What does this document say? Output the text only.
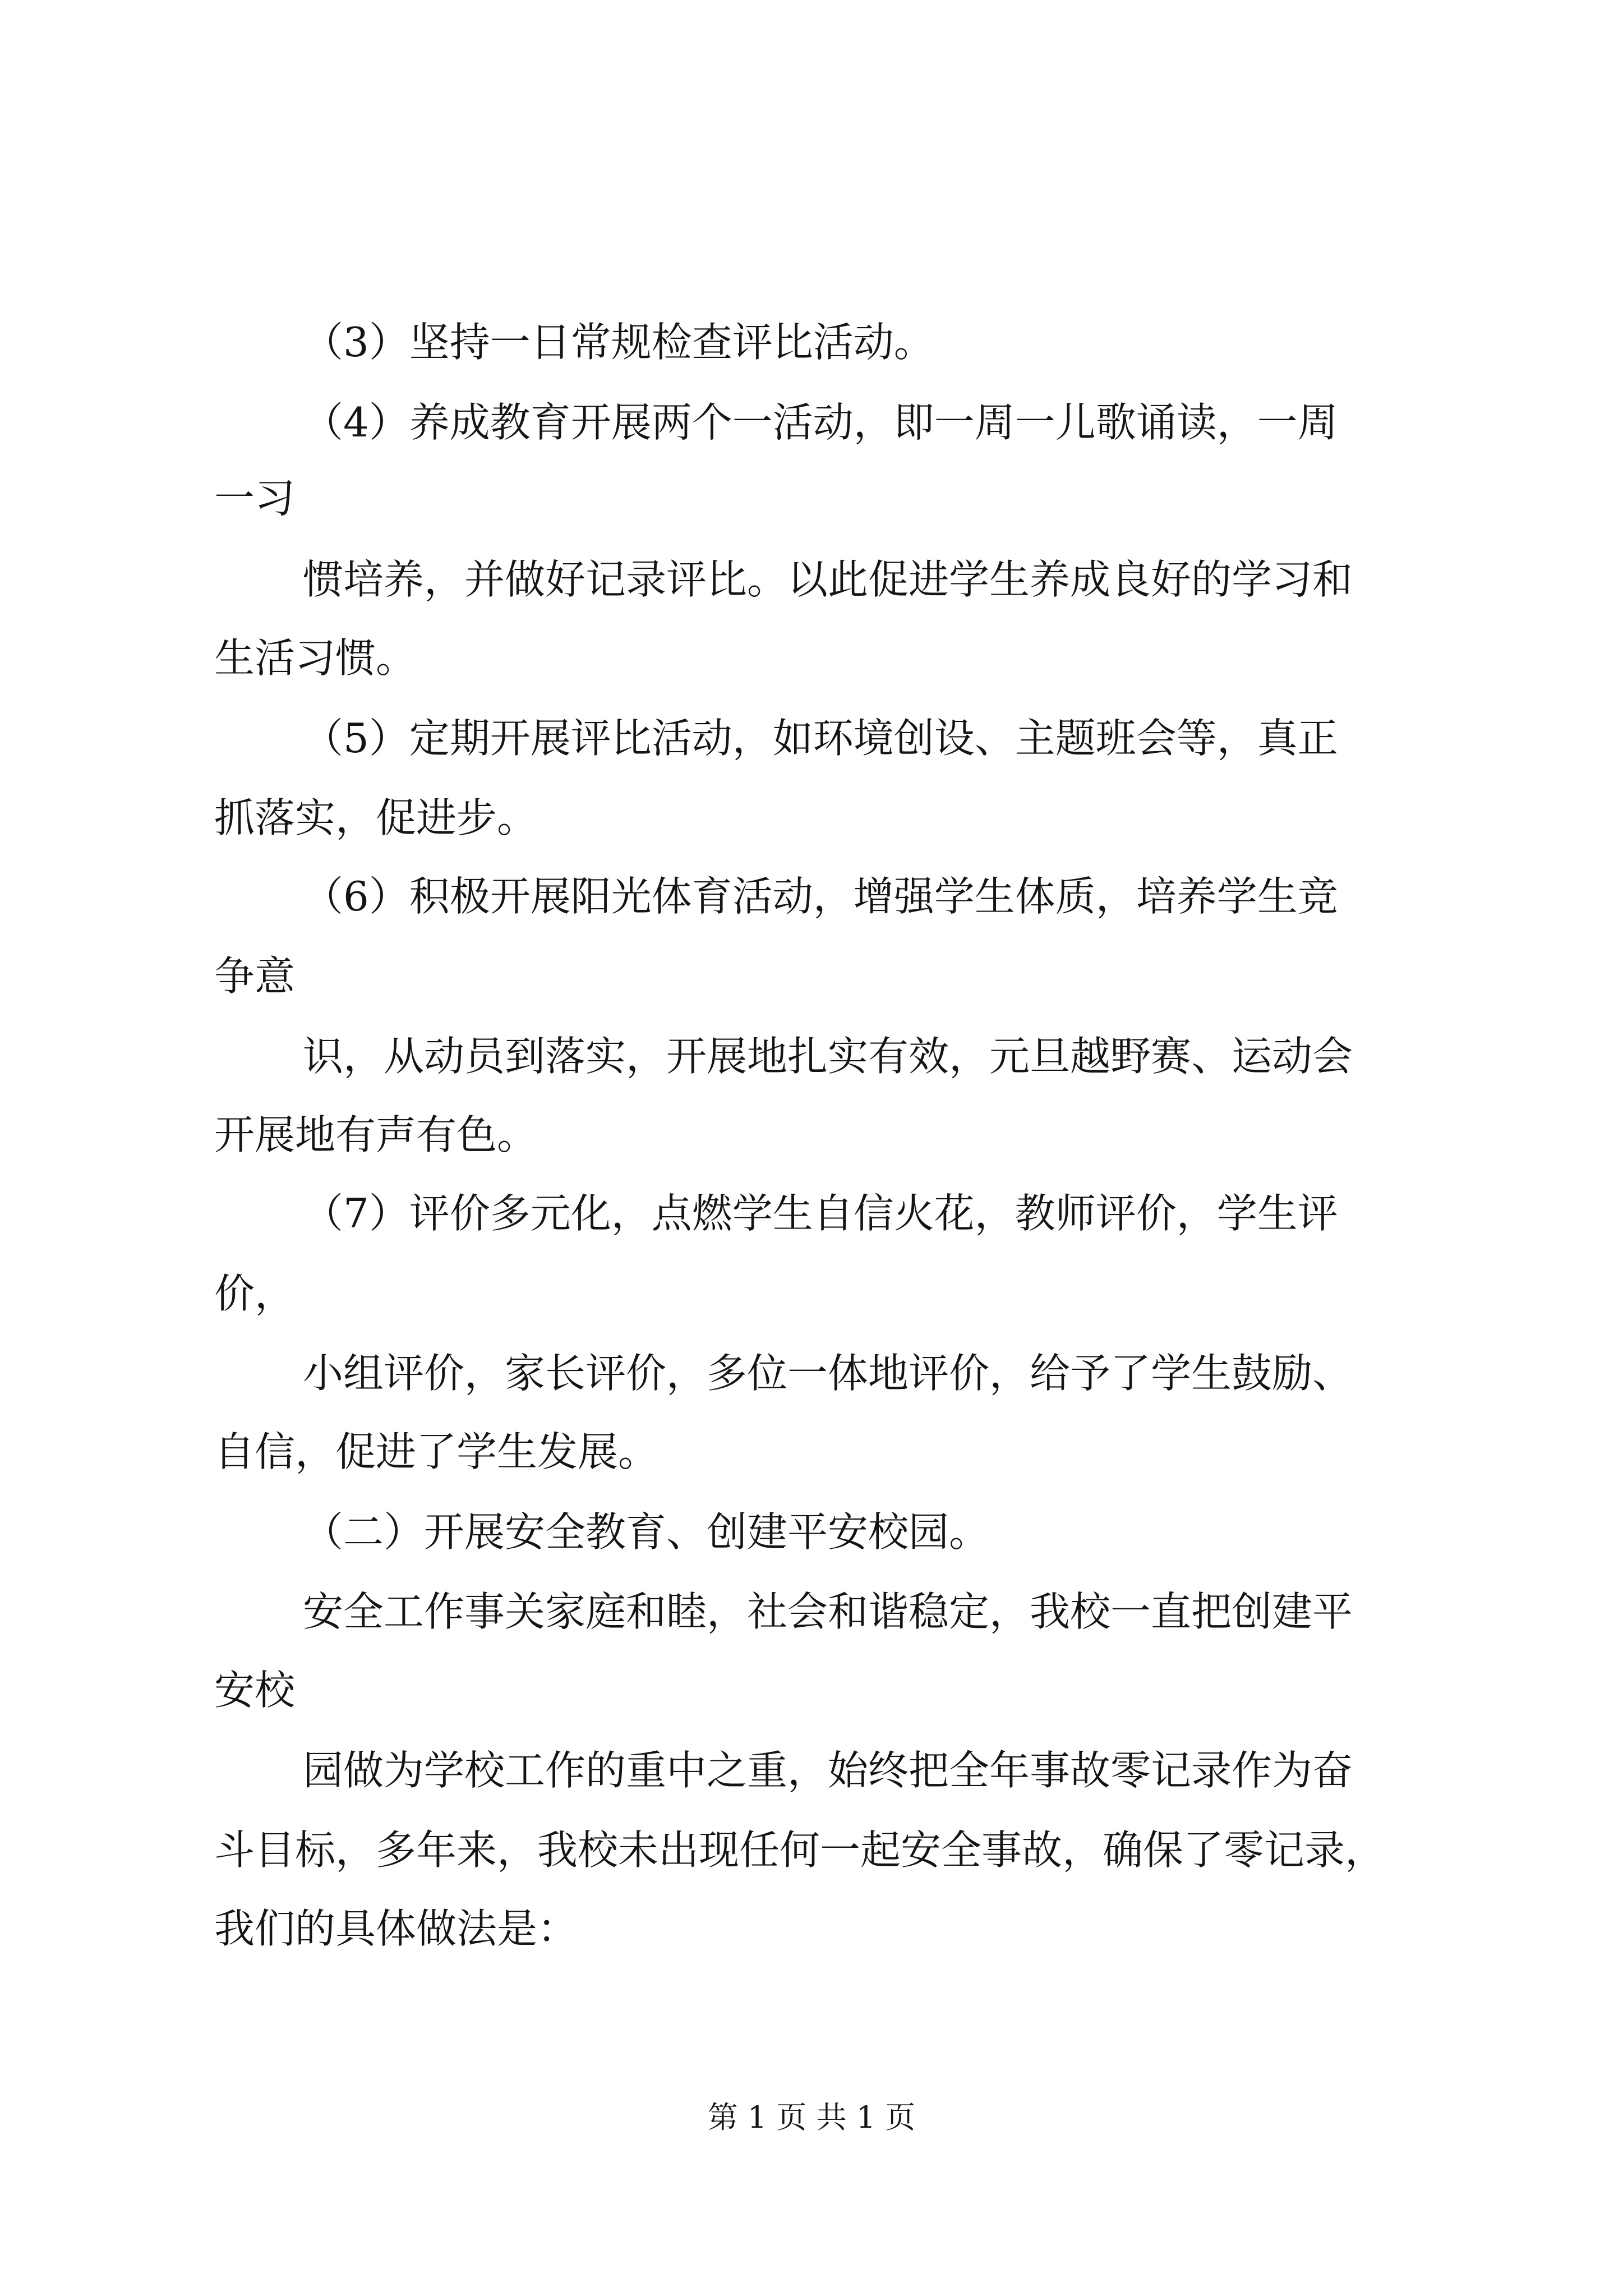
（3）坚持一日常规检查评比活动。
（4）养成教育开展两个一活动，即一周一儿歌诵读，一周
一习
惯培养，并做好记录评比。以此促进学生养成良好的学习和
生活习惯。
（5）定期开展评比活动，如环境创设、主题班会等，真正
抓落实，促进步。
（6）积极开展阳光体育活动，增强学生体质，培养学生竞
争意
识，从动员到落实，开展地扎实有效，元旦越野赛、运动会
开展地有声有色。
（7）评价多元化，点燃学生自信火花，教师评价，学生评
价，
小组评价，家长评价，多位一体地评价，给予了学生鼓励、
自信，促进了学生发展。
（二）开展安全教育、创建平安校园。
安全工作事关家庭和睦，社会和谐稳定，我校一直把创建平
安校
园做为学校工作的重中之重，始终把全年事故零记录作为奋
斗目标，多年来，我校未出现任何一起安全事故，确保了零记录，
我们的具体做法是：
第 1 页 共 1 页
